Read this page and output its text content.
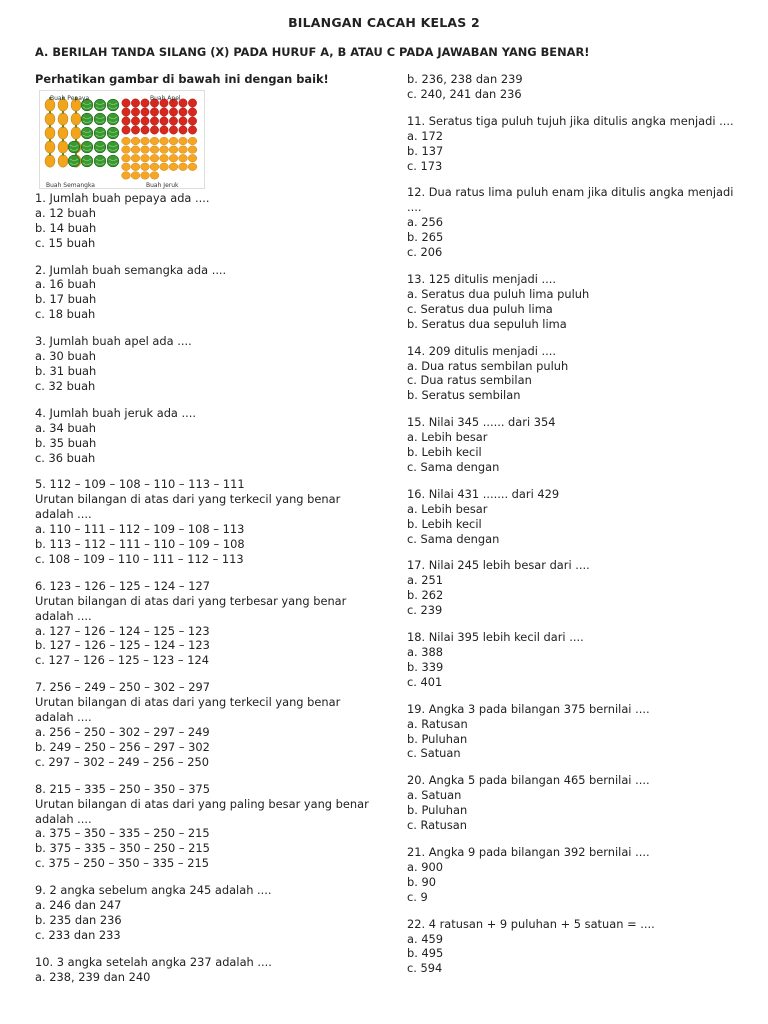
BILANGAN CACAH KELAS 2
A. BERILAH TANDA SILANG (X) PADA HURUF A, B ATAU C PADA JAWABAN YANG BENAR!
Perhatikan gambar di bawah ini dengan baik!
Buah Pepaya	Buah Apel
Buah Semangka	Buah Jeruk
1. Jumlah buah pepaya ada ....
a. 12 buah
b. 14 buah
c. 15 buah
2. Jumlah buah semangka ada ....
a. 16 buah
b. 17 buah
c. 18 buah
3. Jumlah buah apel ada ....
a. 30 buah
b. 31 buah
c. 32 buah
4. Jumlah buah jeruk ada ....
a. 34 buah
b. 35 buah
c. 36 buah
5. 112 – 109 – 108 – 110 – 113 – 111
Urutan bilangan di atas dari yang terkecil yang benar
adalah ....
a. 110 – 111 – 112 – 109 – 108 – 113
b. 113 – 112 – 111 – 110 – 109 – 108
c. 108 – 109 – 110 – 111 – 112 – 113
6. 123 – 126 – 125 – 124 – 127
Urutan bilangan di atas dari yang terbesar yang benar
adalah ....
a. 127 – 126 – 124 – 125 – 123
b. 127 – 126 – 125 – 124 – 123
c. 127 – 126 – 125 – 123 – 124
7. 256 – 249 – 250 – 302 – 297
Urutan bilangan di atas dari yang terkecil yang benar
adalah ....
a. 256 – 250 – 302 – 297 – 249
b. 249 – 250 – 256 – 297 – 302
c. 297 – 302 – 249 – 256 – 250
8. 215 – 335 – 250 – 350 – 375
Urutan bilangan di atas dari yang paling besar yang benar
adalah ....
a. 375 – 350 – 335 – 250 – 215
b. 375 – 335 – 350 – 250 – 215
c. 375 – 250 – 350 – 335 – 215
9. 2 angka sebelum angka 245 adalah ....
a. 246 dan 247
b. 235 dan 236
c. 233 dan 233
10. 3 angka setelah angka 237 adalah ....
a. 238, 239 dan 240
b. 236, 238 dan 239
c. 240, 241 dan 236
11. Seratus tiga puluh tujuh jika ditulis angka menjadi ....
a. 172
b. 137
c. 173
12. Dua ratus lima puluh enam jika ditulis angka menjadi
....
a. 256
b. 265
c. 206
13. 125 ditulis menjadi ....
a. Seratus dua puluh lima puluh
c. Seratus dua puluh lima
b. Seratus dua sepuluh lima
14. 209 ditulis menjadi ....
a. Dua ratus sembilan puluh
c. Dua ratus sembilan
b. Seratus sembilan
15. Nilai 345 ...... dari 354
a. Lebih besar
b. Lebih kecil
c. Sama dengan
16. Nilai 431 ....... dari 429
a. Lebih besar
b. Lebih kecil
c. Sama dengan
17. Nilai 245 lebih besar dari ....
a. 251
b. 262
c. 239
18. Nilai 395 lebih kecil dari ....
a. 388
b. 339
c. 401
19. Angka 3 pada bilangan 375 bernilai ....
a. Ratusan
b. Puluhan
c. Satuan
20. Angka 5 pada bilangan 465 bernilai ....
a. Satuan
b. Puluhan
c. Ratusan
21. Angka 9 pada bilangan 392 bernilai ....
a. 900
b. 90
c. 9
22. 4 ratusan + 9 puluhan + 5 satuan = ....
a. 459
b. 495
c. 594
